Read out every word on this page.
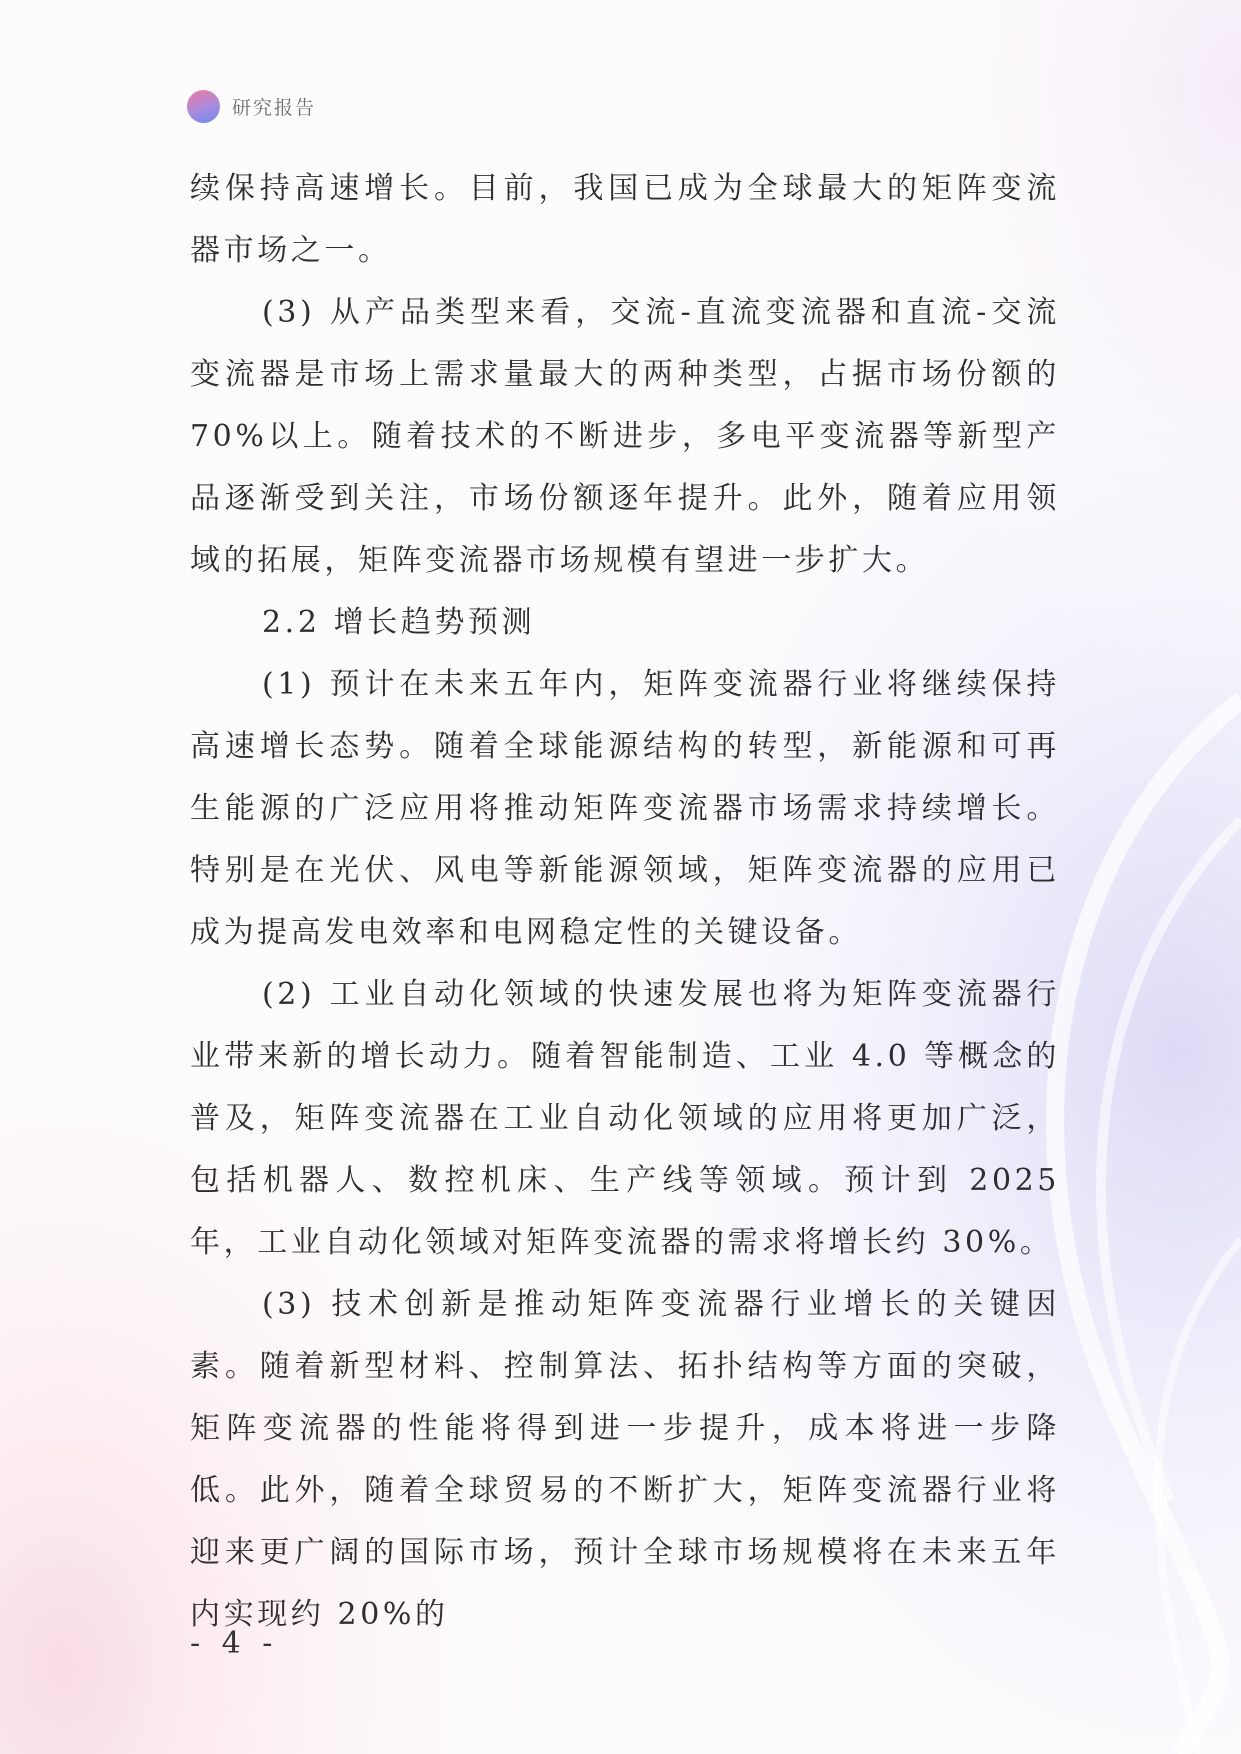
研究报告

续保持高速增长。目前，我国已成为全球最大的矩阵变流器市场之一。

(3) 从产品类型来看，交流-直流变流器和直流-交流变流器是市场上需求量最大的两种类型，占据市场份额的70%以上。随着技术的不断进步，多电平变流器等新型产品逐渐受到关注，市场份额逐年提升。此外，随着应用领域的拓展，矩阵变流器市场规模有望进一步扩大。

2.2 增长趋势预测

(1) 预计在未来五年内，矩阵变流器行业将继续保持高速增长态势。随着全球能源结构的转型，新能源和可再生能源的广泛应用将推动矩阵变流器市场需求持续增长。特别是在光伏、风电等新能源领域，矩阵变流器的应用已成为提高发电效率和电网稳定性的关键设备。

(2) 工业自动化领域的快速发展也将为矩阵变流器行业带来新的增长动力。随着智能制造、工业 4.0 等概念的普及，矩阵变流器在工业自动化领域的应用将更加广泛，包括机器人、数控机床、生产线等领域。预计到 2025 年，工业自动化领域对矩阵变流器的需求将增长约 30%。

(3) 技术创新是推动矩阵变流器行业增长的关键因素。随着新型材料、控制算法、拓扑结构等方面的突破，矩阵变流器的性能将得到进一步提升，成本将进一步降低。此外，随着全球贸易的不断扩大，矩阵变流器行业将迎来更广阔的国际市场，预计全球市场规模将在未来五年内实现约 20%的

- 4 -
